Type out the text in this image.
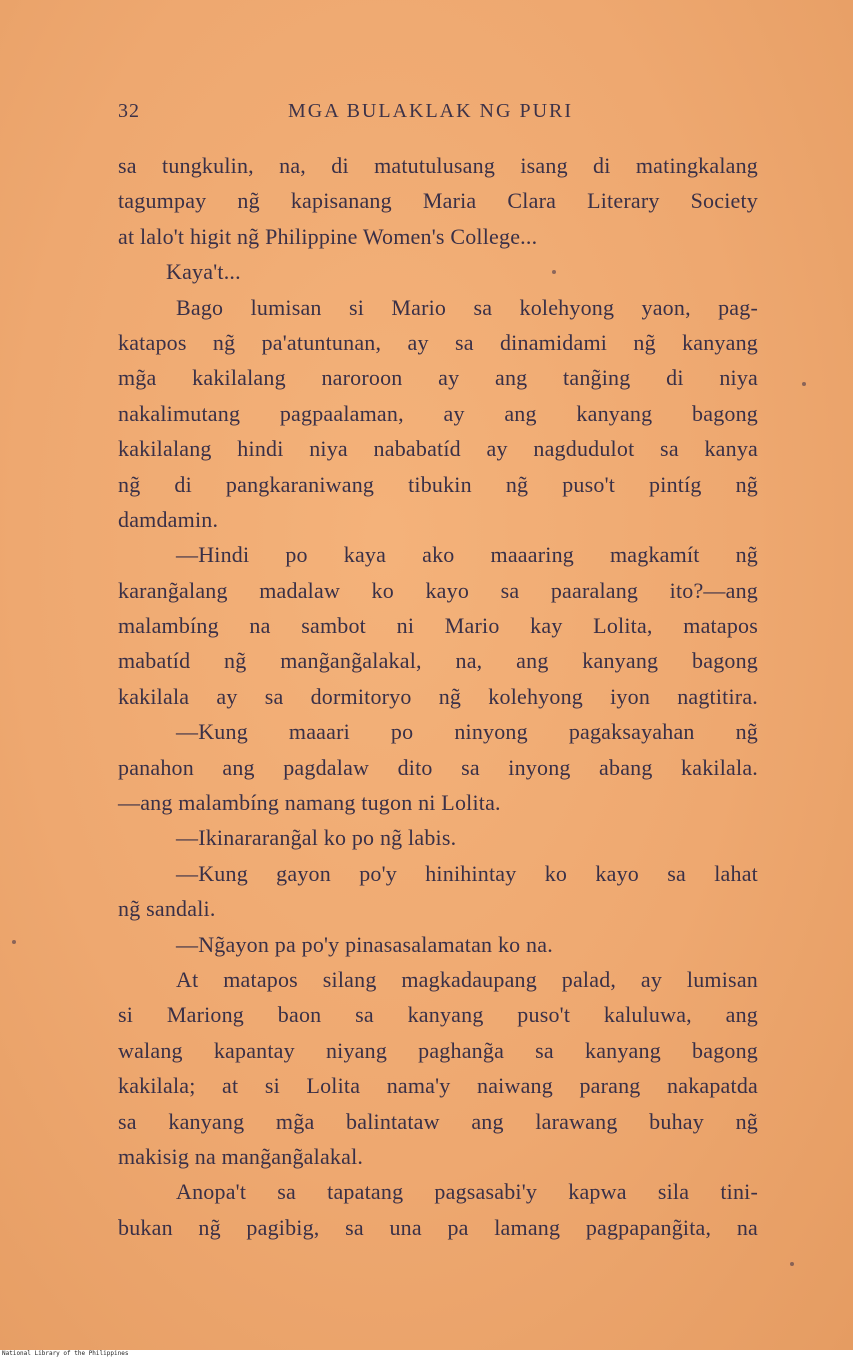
32	MGA BULAKLAK NG PURI
sa tungkulin, na, di matutulusang isang di matingkalang
tagumpay ng̃ kapisanang Maria Clara Literary Society
at lalo't higit ng̃ Philippine Women's College...
Kaya't...
Bago lumisan si Mario sa kolehyong yaon, pag-
katapos ng̃ pa'atuntunan, ay sa dinamidami ng̃ kanyang
mg̃a kakilalang naroroon ay ang tang̃ing di niya
nakalimutang pagpaalaman, ay ang kanyang bagong
kakilalang hindi niya nababatíd ay nagdudulot sa kanya
ng̃ di pangkaraniwang tibukin ng̃ puso't pintíg ng̃
damdamin.
—Hindi po kaya ako maaaring magkamít ng̃
karang̃alang madalaw ko kayo sa paaralang ito?—ang
malambíng na sambot ni Mario kay Lolita, matapos
mabatíd ng̃ mang̃ang̃alakal, na, ang kanyang bagong
kakilala ay sa dormitoryo ng̃ kolehyong iyon nagtitira.
—Kung maaari po ninyong pagaksayahan ng̃
panahon ang pagdalaw dito sa inyong abang kakilala.
—ang malambíng namang tugon ni Lolita.
—Ikinararang̃al ko po ng̃ labis.
—Kung gayon po'y hinihintay ko kayo sa lahat
ng̃ sandali.
—Ng̃ayon pa po'y pinasasalamatan ko na.
At matapos silang magkadaupang palad, ay lumisan
si Mariong baon sa kanyang puso't kaluluwa, ang
walang kapantay niyang paghang̃a sa kanyang bagong
kakilala; at si Lolita nama'y naiwang parang nakapatda
sa kanyang mg̃a balintataw ang larawang buhay ng̃
makisig na mang̃ang̃alakal.
Anopa't sa tapatang pagsasabi'y kapwa sila tini-
bukan ng̃ pagibig, sa una pa lamang pagpapang̃ita, na
National Library of the Philippines
